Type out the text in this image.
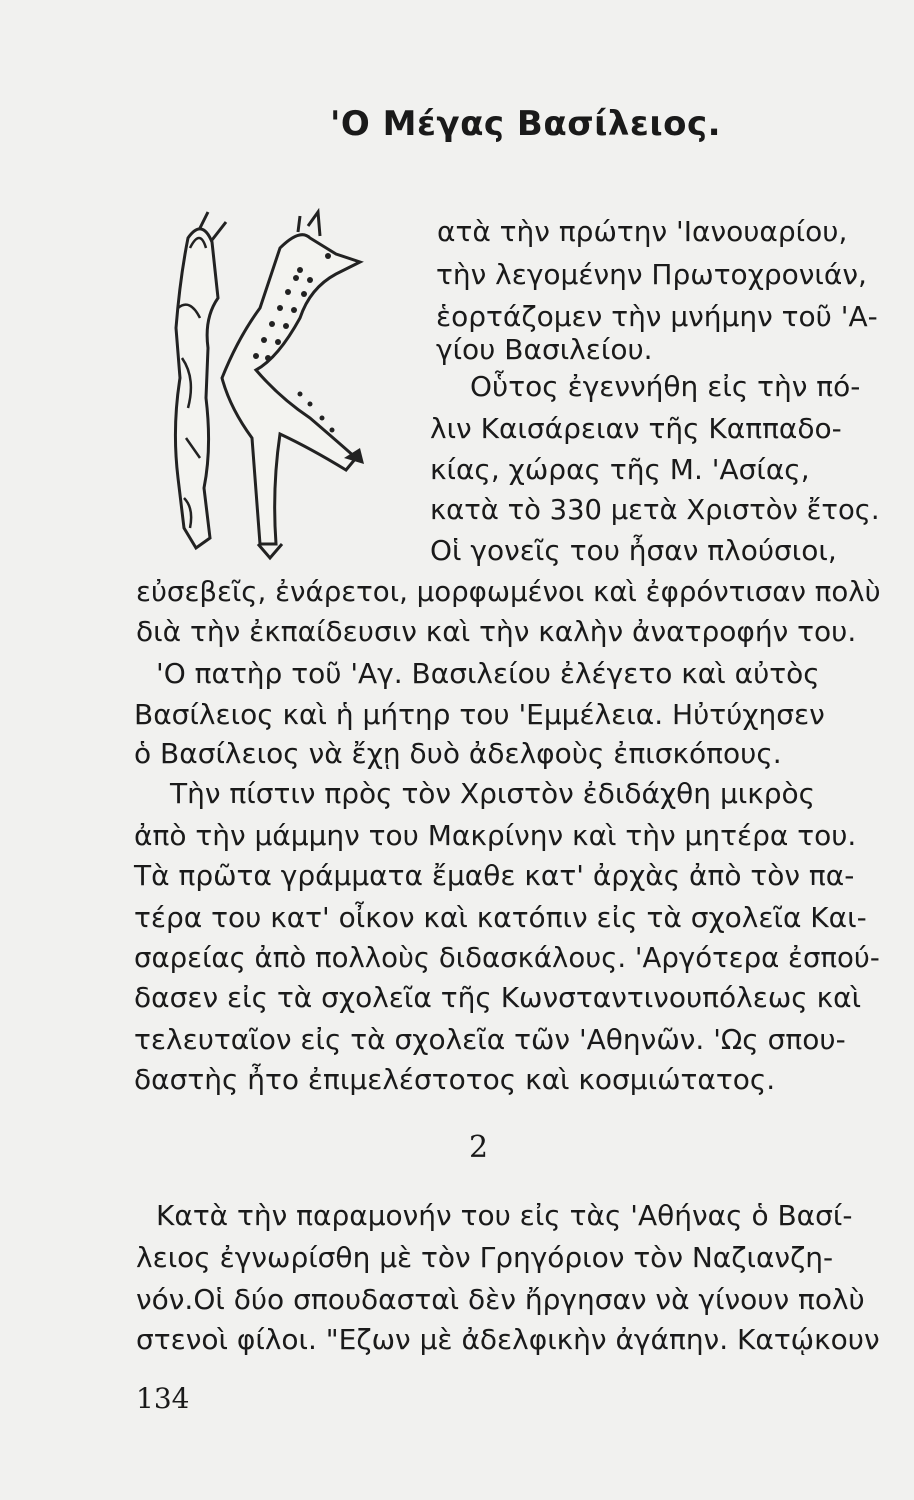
'Ο Μέγας Βασίλειος.
ατὰ τὴν πρώτην 'Ιανουαρίου,
τὴν λεγομένην Πρωτοχρονιάν,
ἑορτάζομεν τὴν μνήμην τοῦ 'Α-
γίου Βασιλείου.
Οὗτος ἐγεννήθη εἰς τὴν πό-
λιν Καισάρειαν τῆς Καππαδο-
κίας, χώρας τῆς Μ. 'Ασίας,
κατὰ τὸ 330 μετὰ Χριστὸν ἔτος.
Οἱ γονεῖς του ἦσαν πλούσιοι,
εὐσεβεῖς, ἐνάρετοι, μορφωμένοι καὶ ἐφρόντισαν πολὺ
διὰ τὴν ἐκπαίδευσιν καὶ τὴν καλὴν ἀνατροφήν του.
'Ο πατὴρ τοῦ 'Αγ. Βασιλείου ἐλέγετο καὶ αὐτὸς
Βασίλειος καὶ ἡ μήτηρ του 'Εμμέλεια. Ηὐτύχησεν
ὁ Βασίλειος νὰ ἔχῃ δυὸ ἀδελφοὺς ἐπισκόπους.
Τὴν πίστιν πρὸς τὸν Χριστὸν ἐδιδάχθη μικρὸς
ἀπὸ τὴν μάμμην του Μακρίνην καὶ τὴν μητέρα του.
Τὰ πρῶτα γράμματα ἔμαθε κατ' ἀρχὰς ἀπὸ τὸν πα-
τέρα του κατ' οἶκον καὶ κατόπιν εἰς τὰ σχολεῖα Και-
σαρείας ἀπὸ πολλοὺς διδασκάλους. 'Αργότερα ἐσπού-
δασεν εἰς τὰ σχολεῖα τῆς Κωνσταντινουπόλεως καὶ
τελευταῖον εἰς τὰ σχολεῖα τῶν 'Αθηνῶν. 'Ως σπου-
δαστὴς ἦτο ἐπιμελέστοτος καὶ κοσμιώτατος.
2
Κατὰ τὴν παραμονήν του εἰς τὰς 'Αθήνας ὁ Βασί-
λειος ἐγνωρίσθη μὲ τὸν Γρηγόριον τὸν Ναζιανζη-
νόν.Οἱ δύο σπουδασταὶ δὲν ἤργησαν νὰ γίνουν πολὺ
στενοὶ φίλοι. "Εζων μὲ ἀδελφικὴν ἀγάπην. Κατῴκουν
134
